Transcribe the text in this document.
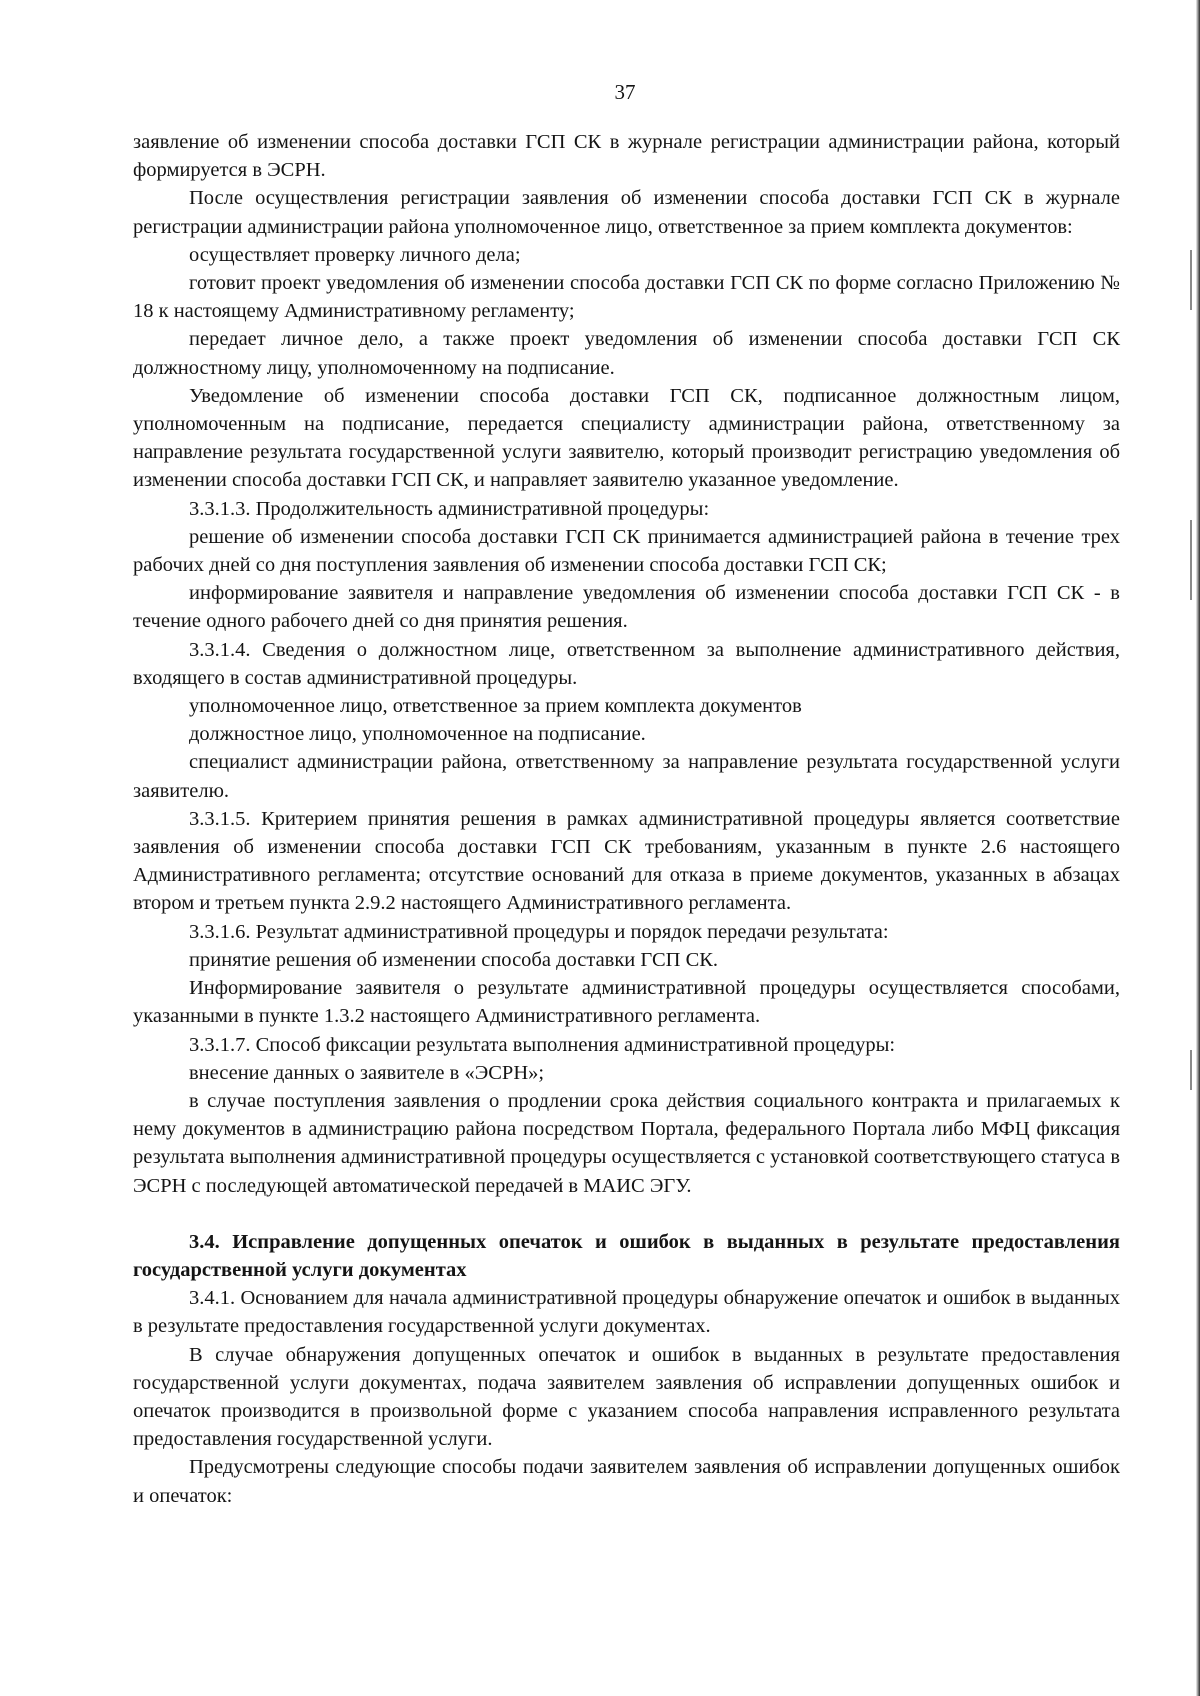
37

заявление об изменении способа доставки ГСП СК в журнале регистрации администрации района, который формируется в ЭСРН.

После осуществления регистрации заявления об изменении способа доставки ГСП СК в журнале регистрации администрации района уполномоченное лицо, ответственное за прием комплекта документов:

осуществляет проверку личного дела;

готовит проект уведомления об изменении способа доставки ГСП СК по форме согласно Приложению № 18 к настоящему Административному регламенту;

передает личное дело, а также проект уведомления об изменении способа доставки ГСП СК должностному лицу, уполномоченному на подписание.

Уведомление об изменении способа доставки ГСП СК, подписанное должностным лицом, уполномоченным на подписание, передается специалисту администрации района, ответственному за направление результата государственной услуги заявителю, который производит регистрацию уведомления об изменении способа доставки ГСП СК, и направляет заявителю указанное уведомление.

3.3.1.3. Продолжительность административной процедуры:

решение об изменении способа доставки ГСП СК принимается администрацией района в течение трех рабочих дней со дня поступления заявления об изменении способа доставки ГСП СК;

информирование заявителя и направление уведомления об изменении способа доставки ГСП СК - в течение одного рабочего дней со дня принятия решения.

3.3.1.4. Сведения о должностном лице, ответственном за выполнение административного действия, входящего в состав административной процедуры.

уполномоченное лицо, ответственное за прием комплекта документов

должностное лицо, уполномоченное на подписание.

специалист администрации района, ответственному за направление результата государственной услуги заявителю.

3.3.1.5. Критерием принятия решения в рамках административной процедуры является соответствие заявления об изменении способа доставки ГСП СК требованиям, указанным в пункте 2.6 настоящего Административного регламента; отсутствие оснований для отказа в приеме документов, указанных в абзацах втором и третьем пункта 2.9.2 настоящего Административного регламента.

3.3.1.6. Результат административной процедуры и порядок передачи результата:

принятие решения об изменении способа доставки ГСП СК.

Информирование заявителя о результате административной процедуры осуществляется способами, указанными в пункте 1.3.2 настоящего Административного регламента.

3.3.1.7. Способ фиксации результата выполнения административной процедуры:

внесение данных о заявителе в «ЭСРН»;

в случае поступления заявления о продлении срока действия социального контракта и прилагаемых к нему документов в администрацию района посредством Портала, федерального Портала либо МФЦ фиксация результата выполнения административной процедуры осуществляется с установкой соответствующего статуса в ЭСРН с последующей автоматической передачей в МАИС ЭГУ.

3.4. Исправление допущенных опечаток и ошибок в выданных в результате предоставления государственной услуги документах

3.4.1. Основанием для начала административной процедуры обнаружение опечаток и ошибок в выданных в результате предоставления государственной услуги документах.

В случае обнаружения допущенных опечаток и ошибок в выданных в результате предоставления государственной услуги документах, подача заявителем заявления об исправлении допущенных ошибок и опечаток производится в произвольной форме с указанием способа направления исправленного результата предоставления государственной услуги.

Предусмотрены следующие способы подачи заявителем заявления об исправлении допущенных ошибок и опечаток:
